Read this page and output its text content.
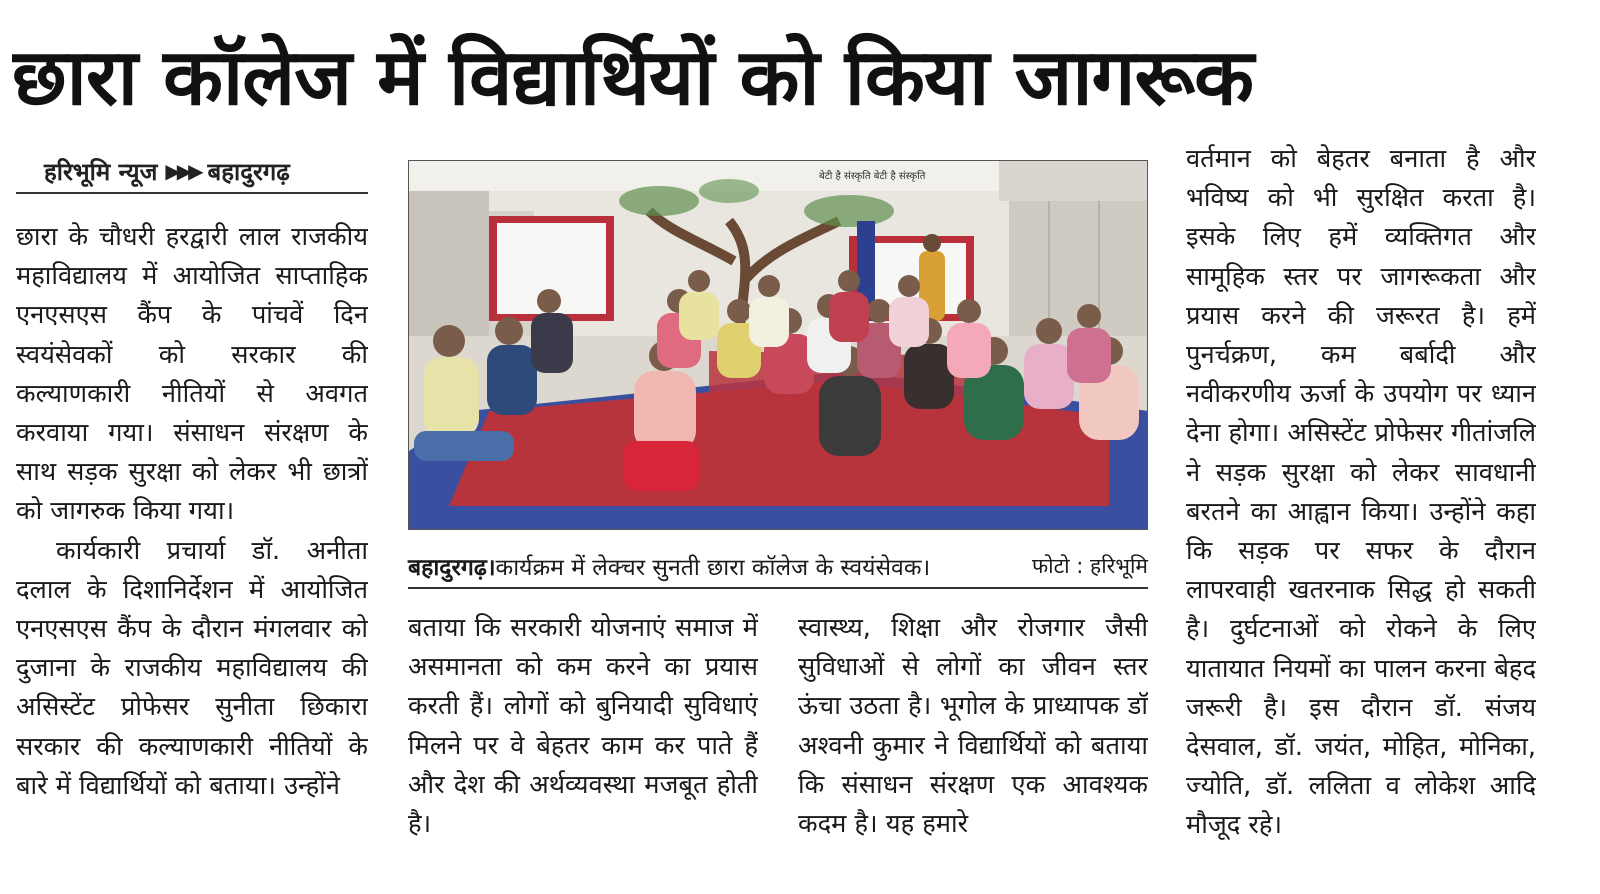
छारा कॉलेज में विद्यार्थियों को किया जागरूक
हरिभूमि न्यूज ▶▶▶ बहादुरगढ़

छारा के चौधरी हरद्वारी लाल राजकीय महाविद्यालय में आयोजित साप्ताहिक एनएसएस कैंप के पांचवें दिन स्वयंसेवकों को सरकार की कल्याणकारी नीतियों से अवगत करवाया गया। संसाधन संरक्षण के साथ सड़क सुरक्षा को लेकर भी छात्रों को जागरुक किया गया।

कार्यकारी प्रचार्या डॉ. अनीता दलाल के दिशानिर्देशन में आयोजित एनएसएस कैंप के दौरान मंगलवार को दुजाना के राजकीय महाविद्यालय की असिस्टेंट प्रोफेसर सुनीता छिकारा सरकार की कल्याणकारी नीतियों के बारे में विद्यार्थियों को बताया। उन्होंने

बेटी है संस्कृति बेटी है संस्कृति
बहादुरगढ़। कार्यक्रम में लेक्चर सुनती छारा कॉलेज के स्वयंसेवक।	फोटो : हरिभूमि

बताया कि सरकारी योजनाएं समाज में असमानता को कम करने का प्रयास करती हैं। लोगों को बुनियादी सुविधाएं मिलने पर वे बेहतर काम कर पाते हैं और देश की अर्थव्यवस्था मजबूत होती है।

स्वास्थ्य, शिक्षा और रोजगार जैसी सुविधाओं से लोगों का जीवन स्तर ऊंचा उठता है। भूगोल के प्राध्यापक डॉ अश्वनी कुमार ने विद्यार्थियों को बताया कि संसाधन संरक्षण एक आवश्यक कदम है। यह हमारे

वर्तमान को बेहतर बनाता है और भविष्य को भी सुरक्षित करता है। इसके लिए हमें व्यक्तिगत और सामूहिक स्तर पर जागरूकता और प्रयास करने की जरूरत है। हमें पुनर्चक्रण, कम बर्बादी और नवीकरणीय ऊर्जा के उपयोग पर ध्यान देना होगा। असिस्टेंट प्रोफेसर गीतांजलि ने सड़क सुरक्षा को लेकर सावधानी बरतने का आह्वान किया। उन्होंने कहा कि सड़क पर सफर के दौरान लापरवाही खतरनाक सिद्ध हो सकती है। दुर्घटनाओं को रोकने के लिए यातायात नियमों का पालन करना बेहद जरूरी है। इस दौरान डॉ. संजय देसवाल, डॉ. जयंत, मोहित, मोनिका, ज्योति, डॉ. ललिता व लोकेश आदि मौजूद रहे।
